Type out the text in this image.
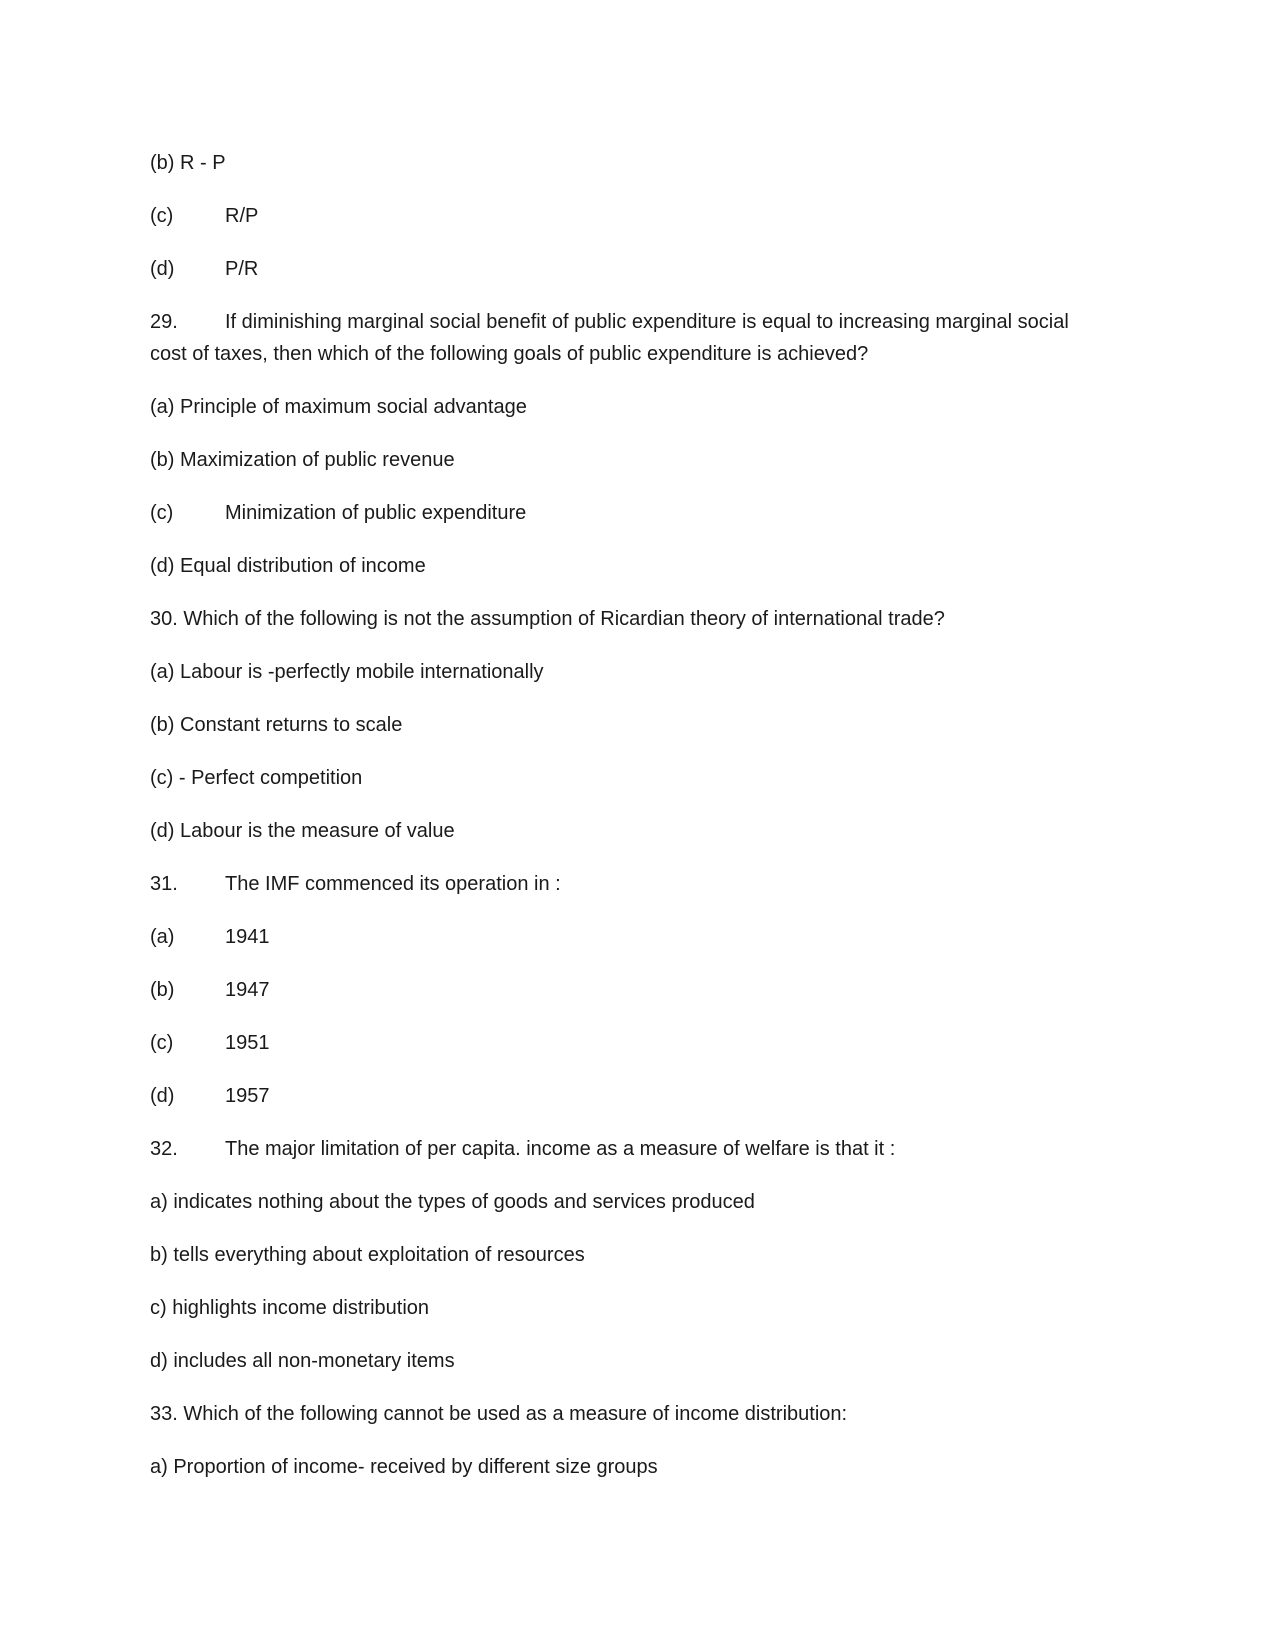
(b) R - P
(c)	R/P
(d)	P/R
29. If diminishing marginal social benefit of public expenditure is equal to increasing marginal social
cost of taxes, then which of the following goals of public expenditure is achieved?
(a) Principle of maximum social advantage
(b) Maximization of public revenue
(c)	Minimization of public expenditure
(d) Equal distribution of income
30. Which of the following is not the assumption of Ricardian theory of international trade?
(a) Labour is -perfectly mobile internationally
(b) Constant returns to scale
(c) - Perfect competition
(d) Labour is the measure of value
31. The IMF commenced its operation in :
(a)	1941
(b)	1947
(c)	1951
(d)	1957
32. The major limitation of per capita. income as a measure of welfare is that it :
a) indicates nothing about the types of goods and services produced
b) tells everything about exploitation of resources
c) highlights income distribution
d) includes all non-monetary items
33. Which of the following cannot be used as a measure of income distribution:
a) Proportion of income- received by different size groups
